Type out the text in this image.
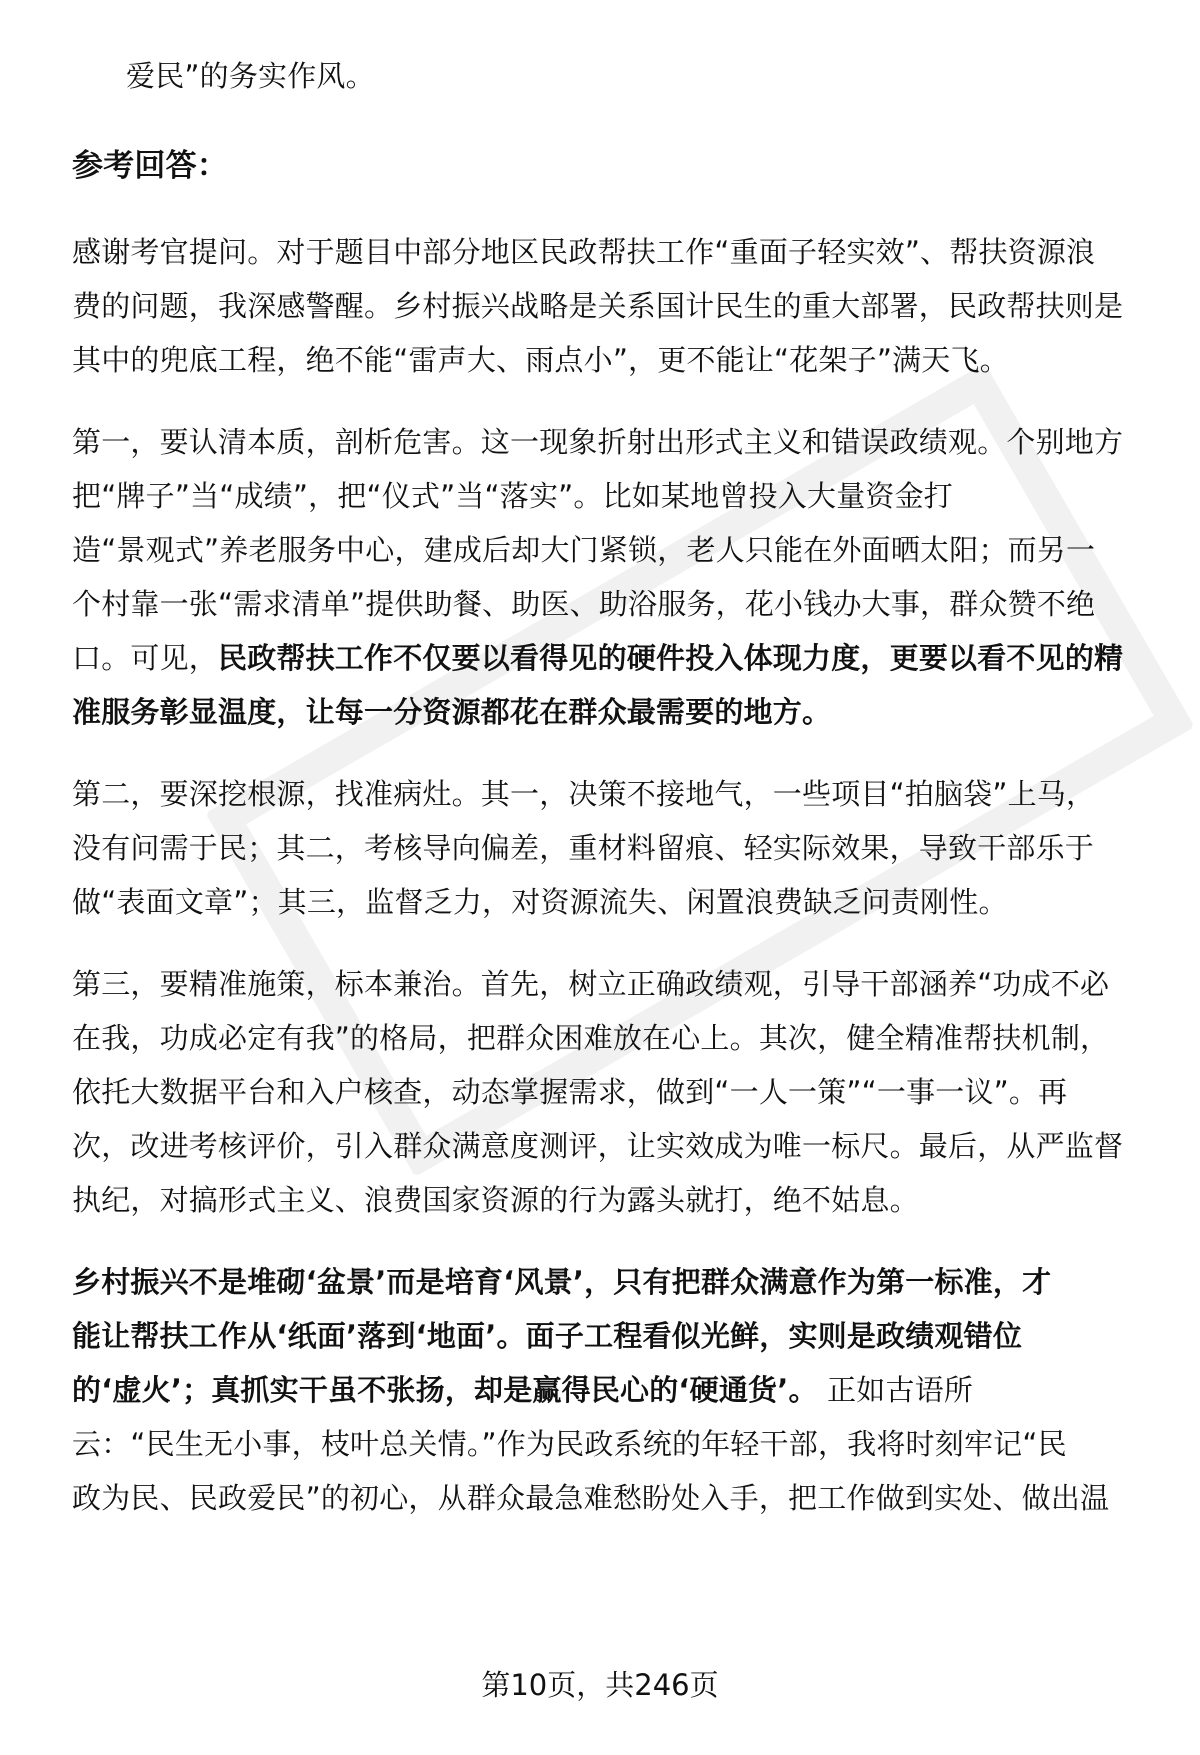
爱民”的务实作风。
参考回答：
感谢考官提问。对于题目中部分地区民政帮扶工作“重面子轻实效”、帮扶资源浪
费的问题，我深感警醒。乡村振兴战略是关系国计民生的重大部署，民政帮扶则是
其中的兜底工程，绝不能“雷声大、雨点小”，更不能让“花架子”满天飞。
第一，要认清本质，剖析危害。这一现象折射出形式主义和错误政绩观。个别地方
把“牌子”当“成绩”，把“仪式”当“落实”。比如某地曾投入大量资金打
造“景观式”养老服务中心，建成后却大门紧锁，老人只能在外面晒太阳；而另一
个村靠一张“需求清单”提供助餐、助医、助浴服务，花小钱办大事，群众赞不绝
口。可见，民政帮扶工作不仅要以看得见的硬件投入体现力度，更要以看不见的精
准服务彰显温度，让每一分资源都花在群众最需要的地方。
第二，要深挖根源，找准病灶。其一，决策不接地气，一些项目“拍脑袋”上马，
没有问需于民；其二，考核导向偏差，重材料留痕、轻实际效果，导致干部乐于
做“表面文章”；其三，监督乏力，对资源流失、闲置浪费缺乏问责刚性。
第三，要精准施策，标本兼治。首先，树立正确政绩观，引导干部涵养“功成不必
在我，功成必定有我”的格局，把群众困难放在心上。其次，健全精准帮扶机制，
依托大数据平台和入户核查，动态掌握需求，做到“一人一策”“一事一议”。再
次，改进考核评价，引入群众满意度测评，让实效成为唯一标尺。最后，从严监督
执纪，对搞形式主义、浪费国家资源的行为露头就打，绝不姑息。
乡村振兴不是堆砌‘盆景’而是培育‘风景’，只有把群众满意作为第一标准，才
能让帮扶工作从‘纸面’落到‘地面’。面子工程看似光鲜，实则是政绩观错位
的‘虚火’；真抓实干虽不张扬，却是赢得民心的‘硬通货’。 正如古语所
云：“民生无小事，枝叶总关情。”作为民政系统的年轻干部，我将时刻牢记“民
政为民、民政爱民”的初心，从群众最急难愁盼处入手，把工作做到实处、做出温
第10页，共246页
